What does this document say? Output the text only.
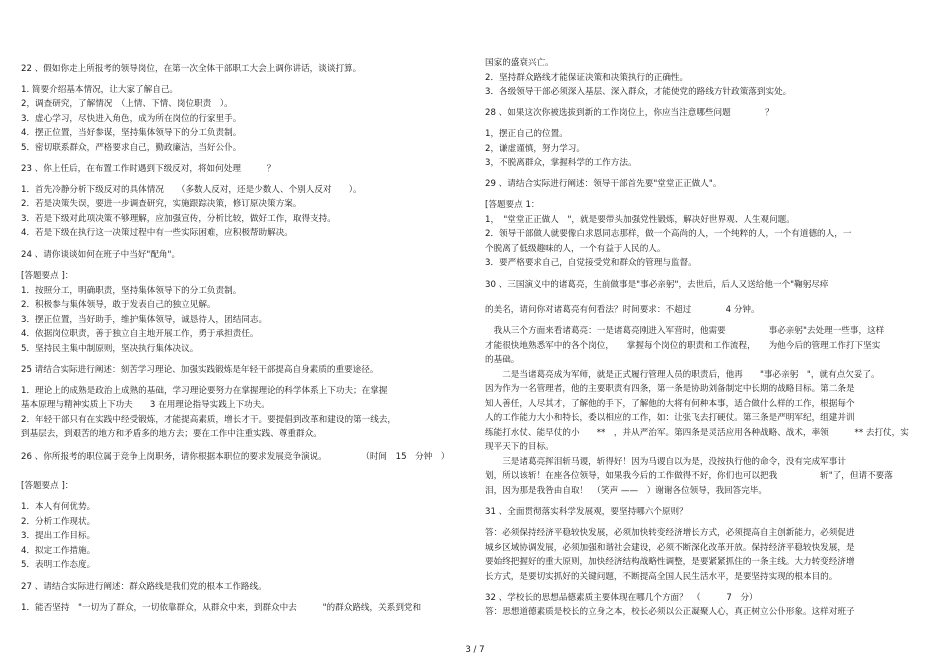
22 、假如你走上所报考的领导岗位，在第一次全体干部职工大会上调你讲话，谈谈打算。
1. 简要介绍基本情况，让大家了解自己。
2，调查研究，了解情况　（上情、下情、岗位职责　）。
3．虚心学习，尽快进入角色，成为所在岗位的行家里手。
4．摆正位置，当好参谋，坚持集体领导下的分工负责制。
5．密切联系群众，严格要求自己，勤政廉洁，当好公仆。
23 、你上任后，在布置工作时遇到下级反对，将如何处理　　　？
1．首先冷静分析下级反对的具体情况　　（多数人反对，还是少数人、个别人反对　　）。
2．若是决策失误，要进一步调查研究，实施跟踪决策，修订原决策方案。
3．若是下级对此项决策不够理解，应加强宣传，分析比较，做好工作，取得支持。
4．若是下级在执行这一决策过程中有一些实际困难，应积极帮助解决。
24 、请你谈谈如何在班子中当好"配角"。
[答题要点 ]：
1．按照分工，明确职责，坚持集体领导下的分工负责制。
2．积极参与集体领导，敢于发表自己的独立见解。
3．摆正位置，当好助手，维护集体领导，诚恳待人，团结同志。
4．依据岗位职责，善于独立自主地开展工作，勇于承担责任。
5．坚持民主集中制原则，坚决执行集体决议。
25 请结合实际进行阐述：刻苦学习理论、加强实践锻炼是年轻干部提高自身素质的重要途径。
1．理论上的成熟是政治上成熟的基础，学习理论要努力在掌握理论的科学体系上下功夫；在掌握
基本原理与精神实质上下功夫　　3 在用理论指导实践上下功夫。
2．年轻干部只有在实践中经受锻炼，才能提高素质，增长才干。要提倡到改革和建设的第一线去，
到基层去，到艰苦的地方和矛盾多的地方去；要在工作中注重实践、尊重群众。
26 、你所报考的职位属于竞争上岗职务，请你根据本职位的要求发展竞争演说。　　　　　（时间　15　分钟　）
[答题要点 ]：
1．本人有何优势。
2．分析工作现状。
3．提出工作目标。
4．拟定工作措施。
5．表明工作态度。
27 、请结合实际进行阐述：群众路线是我们党的根本工作路线。
1．能否坚持　"一切为了群众，一切依靠群众，从群众中来，到群众中去　　　"的群众路线，关系到党和
国家的盛衰兴亡。
2．坚持群众路线才能保证决策和决策执行的正确性。
3．各级领导干部必须深入基层、深入群众，才能使党的路线方针政策落到实处。
28 、如果这次你被选拔到新的工作岗位上，你应当注意哪些问题　　　　？
1，摆正自己的位置。
2，谦虚谨慎，努力学习。
3，不脱离群众，掌握科学的工作方法。
29 、请结合实际进行阐述：领导干部首先要"堂堂正正做人"。
[答题要点 1：
1，　"堂堂正正做人　"，就是要带头加强党性锻炼，解决好世界观、人生观问题。
2．领导干部做人就要像白求恩同志那样，做一个高尚的人，一个纯粹的人，一个有道德的人，一
个脱离了低级趣味的人，一个有益于人民的人。
3．要严格要求自己，自觉接受党和群众的管理与监督。
30 、三国演义中的诸葛亮，生前做事是"事必亲躬"，去世后，后人又送给他一个"鞠躬尽瘁
的美名，请问你对诸葛亮有何看法？时间要求：不超过　　　　4 分钟。
　我从三个方面来看诸葛亮：一是诸葛亮刚进入军营时，他需要　　　　　事必亲躬"去处理一些事，这样
才能很快地熟悉军中的各个岗位，　　掌握每个岗位的职责和工作流程，　　为他今后的管理工作打下坚实
的基础。
　　二是当诸葛亮成为军师，就是正式履行管理人员的职责后，他再　　"事必亲躬　"，就有点欠妥了。
因为作为一名管理者，他的主要职责有四条，第一条是协助刘备制定中长期的战略目标。第二条是
知人善任，人尽其才，了解他的手下，了解他的大将有何种本事，适合做什么样的工作，根据每个
人的工作能力大小和特长，委以相应的工作，如：让张飞去打硬仗。第三条是严明军纪，组建并训
练能打水仗、能早仗的小　　**　，并从严治军。第四条是灵活应用各种战略、战术，率领　　　** 去打仗，实
现平天下的目标。
　　三是诸葛亮挥泪斩马谡，斩得好！因为马谡自以为是，没按执行他的命令，没有完成军事计
划，所以该斩！在座各位领导，如果我今后的工作做得不好，你们也可以把我　　　　　斩"了，但请不要落
泪，因为那是我咎由自取！　（笑声 ——　）谢谢各位领导，我回答完毕。
31 、全面贯彻落实科学发展观，要坚持哪六个原则？
答：必须保持经济平稳较快发展，必须加快转变经济增长方式，必须提高自主创新能力，必须促进
城乡区域协调发展，必须加强和谐社会建设，必须不断深化改革开放。保持经济平稳较快发展，是
要始终把握好的重大原则，加快经济结构战略性调整，是要紧紧抓住的一条主线。大力转变经济增
长方式，是要切实抓好的关键问题，不断提高全国人民生活水平，是要坚持实现的根本目的。
32 、学校长的思想品德素质主要体现在哪几个方面？　（　　　7　分）
答：思想道德素质是校长的立身之本，校长必须以公正凝聚人心，真正树立公仆形象。这样对班子
3 / 7
